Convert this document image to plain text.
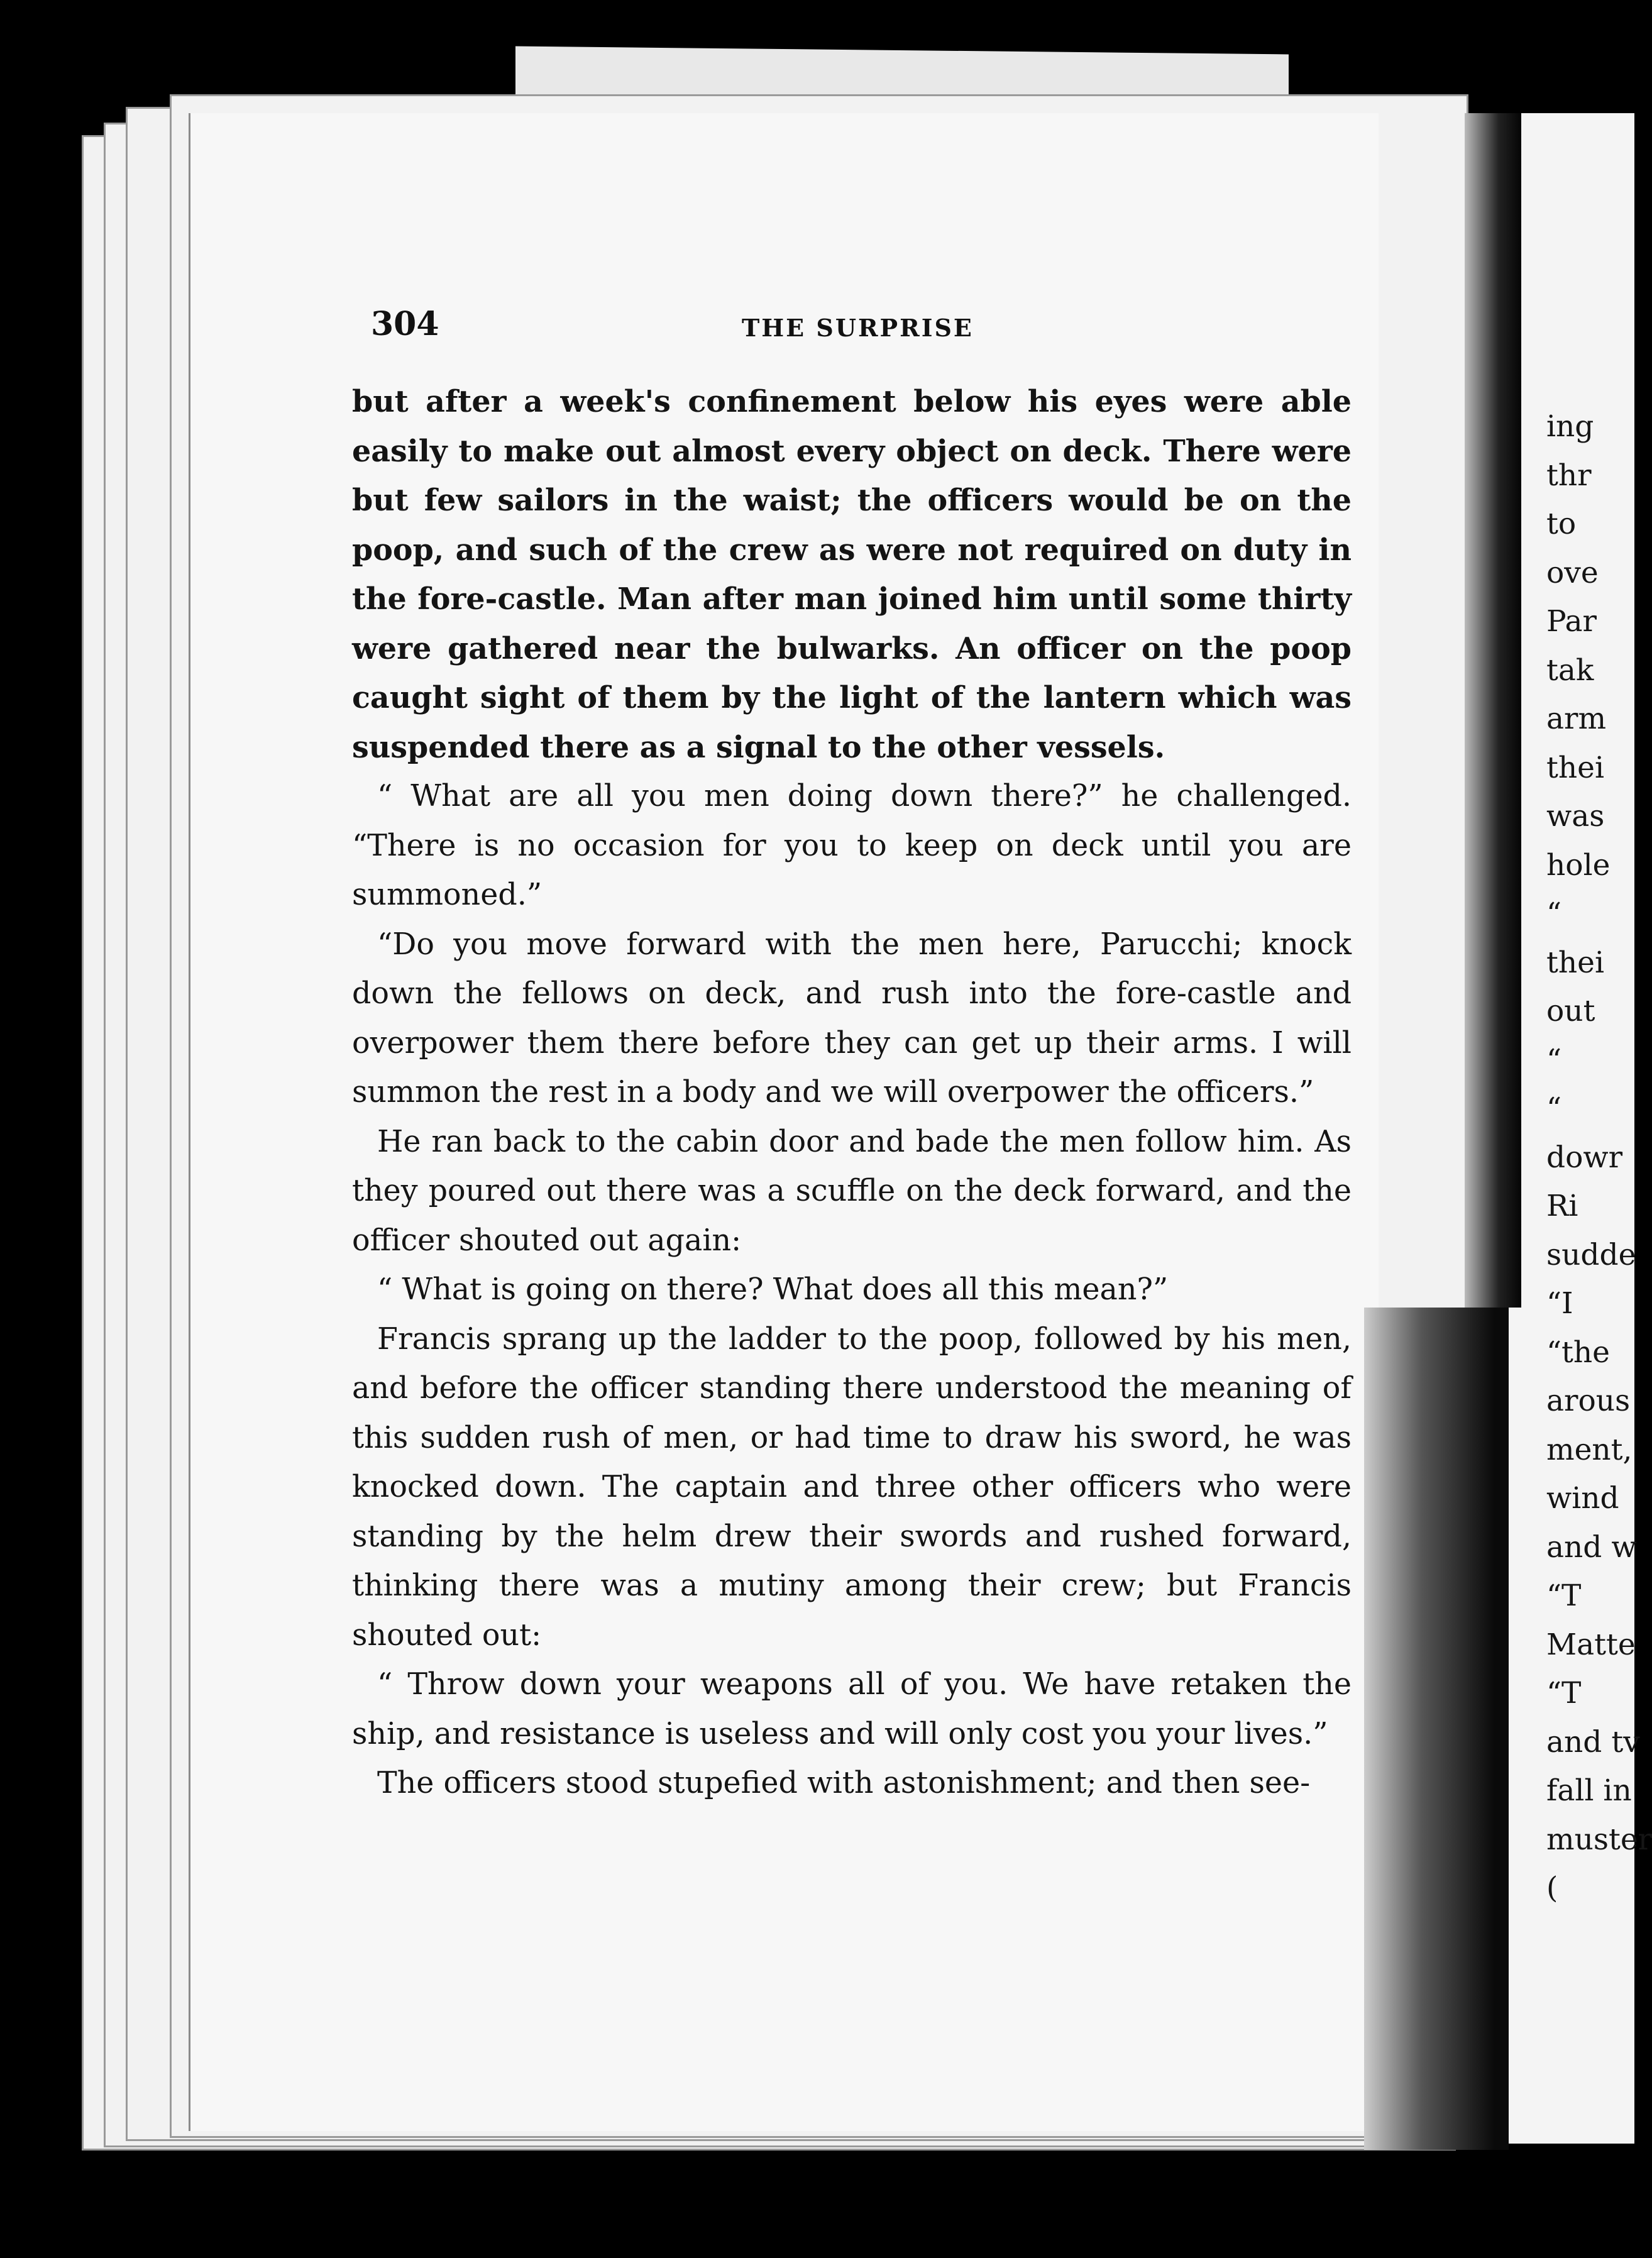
ing
thr
to
ove
Par
tak
arm
thei
was
hole
“
thei
out
“
“
dowr
Ri
sudde
“I
“the
arous
ment,
wind
and w
“T
Matte
“T
and tv
fall in
muster
(
304	THE SURPRISE

but after a week's confinement below his eyes were able easily to make out almost every object on deck. There were but few sailors in the waist; the officers would be on the poop, and such of the crew as were not required on duty in the fore-castle. Man after man joined him until some thirty were gathered near the bulwarks. An officer on the poop caught sight of them by the light of the lantern which was suspended there as a signal to the other vessels.

“ What are all you men doing down there?” he challenged. “There is no occasion for you to keep on deck until you are summoned.”

“Do you move forward with the men here, Parucchi; knock down the fellows on deck, and rush into the fore-castle and overpower them there before they can get up their arms. I will summon the rest in a body and we will overpower the officers.”

He ran back to the cabin door and bade the men follow him. As they poured out there was a scuffle on the deck forward, and the officer shouted out again:

“ What is going on there? What does all this mean?”

Francis sprang up the ladder to the poop, followed by his men, and before the officer standing there understood the meaning of this sudden rush of men, or had time to draw his sword, he was knocked down. The captain and three other officers who were standing by the helm drew their swords and rushed forward, thinking there was a mutiny among their crew; but Francis shouted out:

“ Throw down your weapons all of you. We have retaken the ship, and resistance is useless and will only cost you your lives.”

The officers stood stupefied with astonishment; and then see-
